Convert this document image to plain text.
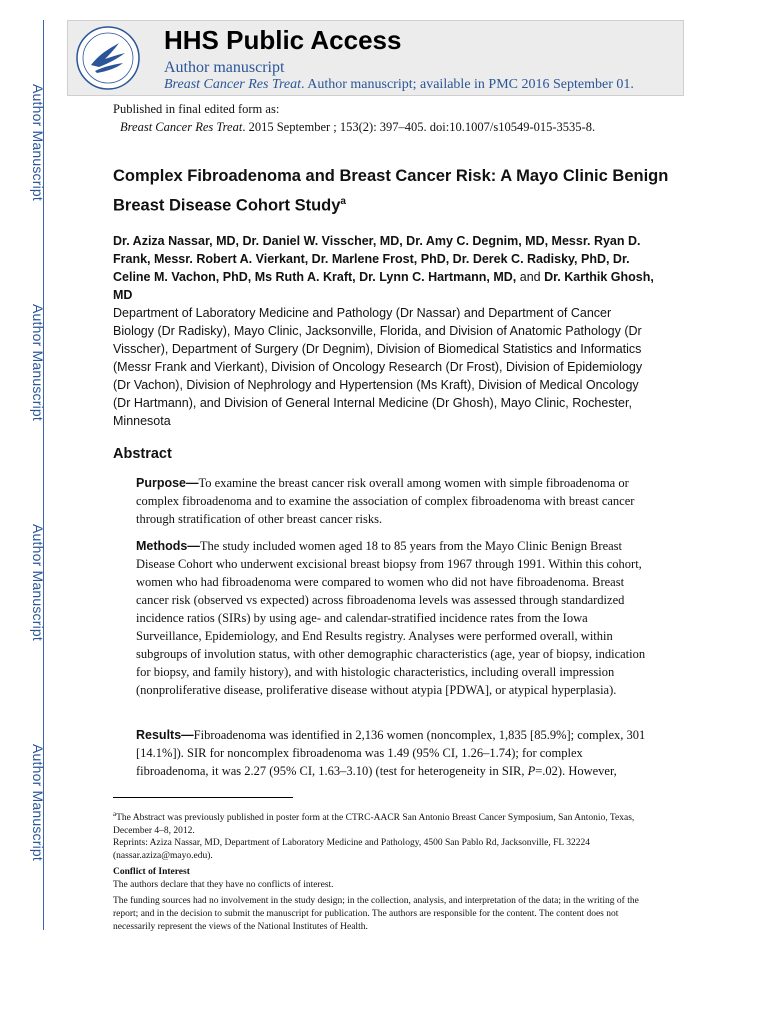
Author Manuscript
Author Manuscript
Author Manuscript
Author Manuscript
HHS Public Access
Author manuscript
Breast Cancer Res Treat. Author manuscript; available in PMC 2016 September 01.
Published in final edited form as:
Breast Cancer Res Treat. 2015 September ; 153(2): 397–405. doi:10.1007/s10549-015-3535-8.
Complex Fibroadenoma and Breast Cancer Risk: A Mayo Clinic Benign Breast Disease Cohort Study$^a$
Dr. Aziza Nassar, MD, Dr. Daniel W. Visscher, MD, Dr. Amy C. Degnim, MD, Messr. Ryan D. Frank, Messr. Robert A. Vierkant, Dr. Marlene Frost, PhD, Dr. Derek C. Radisky, PhD, Dr. Celine M. Vachon, PhD, Ms Ruth A. Kraft, Dr. Lynn C. Hartmann, MD, and Dr. Karthik Ghosh, MD
Department of Laboratory Medicine and Pathology (Dr Nassar) and Department of Cancer Biology (Dr Radisky), Mayo Clinic, Jacksonville, Florida, and Division of Anatomic Pathology (Dr Visscher), Department of Surgery (Dr Degnim), Division of Biomedical Statistics and Informatics (Messr Frank and Vierkant), Division of Oncology Research (Dr Frost), Division of Epidemiology (Dr Vachon), Division of Nephrology and Hypertension (Ms Kraft), Division of Medical Oncology (Dr Hartmann), and Division of General Internal Medicine (Dr Ghosh), Mayo Clinic, Rochester, Minnesota
Abstract
Purpose—To examine the breast cancer risk overall among women with simple fibroadenoma or complex fibroadenoma and to examine the association of complex fibroadenoma with breast cancer through stratification of other breast cancer risks.
Methods—The study included women aged 18 to 85 years from the Mayo Clinic Benign Breast Disease Cohort who underwent excisional breast biopsy from 1967 through 1991. Within this cohort, women who had fibroadenoma were compared to women who did not have fibroadenoma. Breast cancer risk (observed vs expected) across fibroadenoma levels was assessed through standardized incidence ratios (SIRs) by using age- and calendar-stratified incidence rates from the Iowa Surveillance, Epidemiology, and End Results registry. Analyses were performed overall, within subgroups of involution status, with other demographic characteristics (age, year of biopsy, indication for biopsy, and family history), and with histologic characteristics, including overall impression (nonproliferative disease, proliferative disease without atypia [PDWA], or atypical hyperplasia).
Results—Fibroadenoma was identified in 2,136 women (noncomplex, 1,835 [85.9%]; complex, 301 [14.1%]). SIR for noncomplex fibroadenoma was 1.49 (95% CI, 1.26–1.74); for complex fibroadenoma, it was 2.27 (95% CI, 1.63–3.10) (test for heterogeneity in SIR, P=.02). However,
$^a$The Abstract was previously published in poster form at the CTRC-AACR San Antonio Breast Cancer Symposium, San Antonio, Texas, December 4–8, 2012.
Reprints: Aziza Nassar, MD, Department of Laboratory Medicine and Pathology, 4500 San Pablo Rd, Jacksonville, FL 32224 (nassar.aziza@mayo.edu).
Conflict of Interest
The authors declare that they have no conflicts of interest.
The funding sources had no involvement in the study design; in the collection, analysis, and interpretation of the data; in the writing of the report; and in the decision to submit the manuscript for publication. The authors are responsible for the content. The content does not necessarily represent the views of the National Institutes of Health.
